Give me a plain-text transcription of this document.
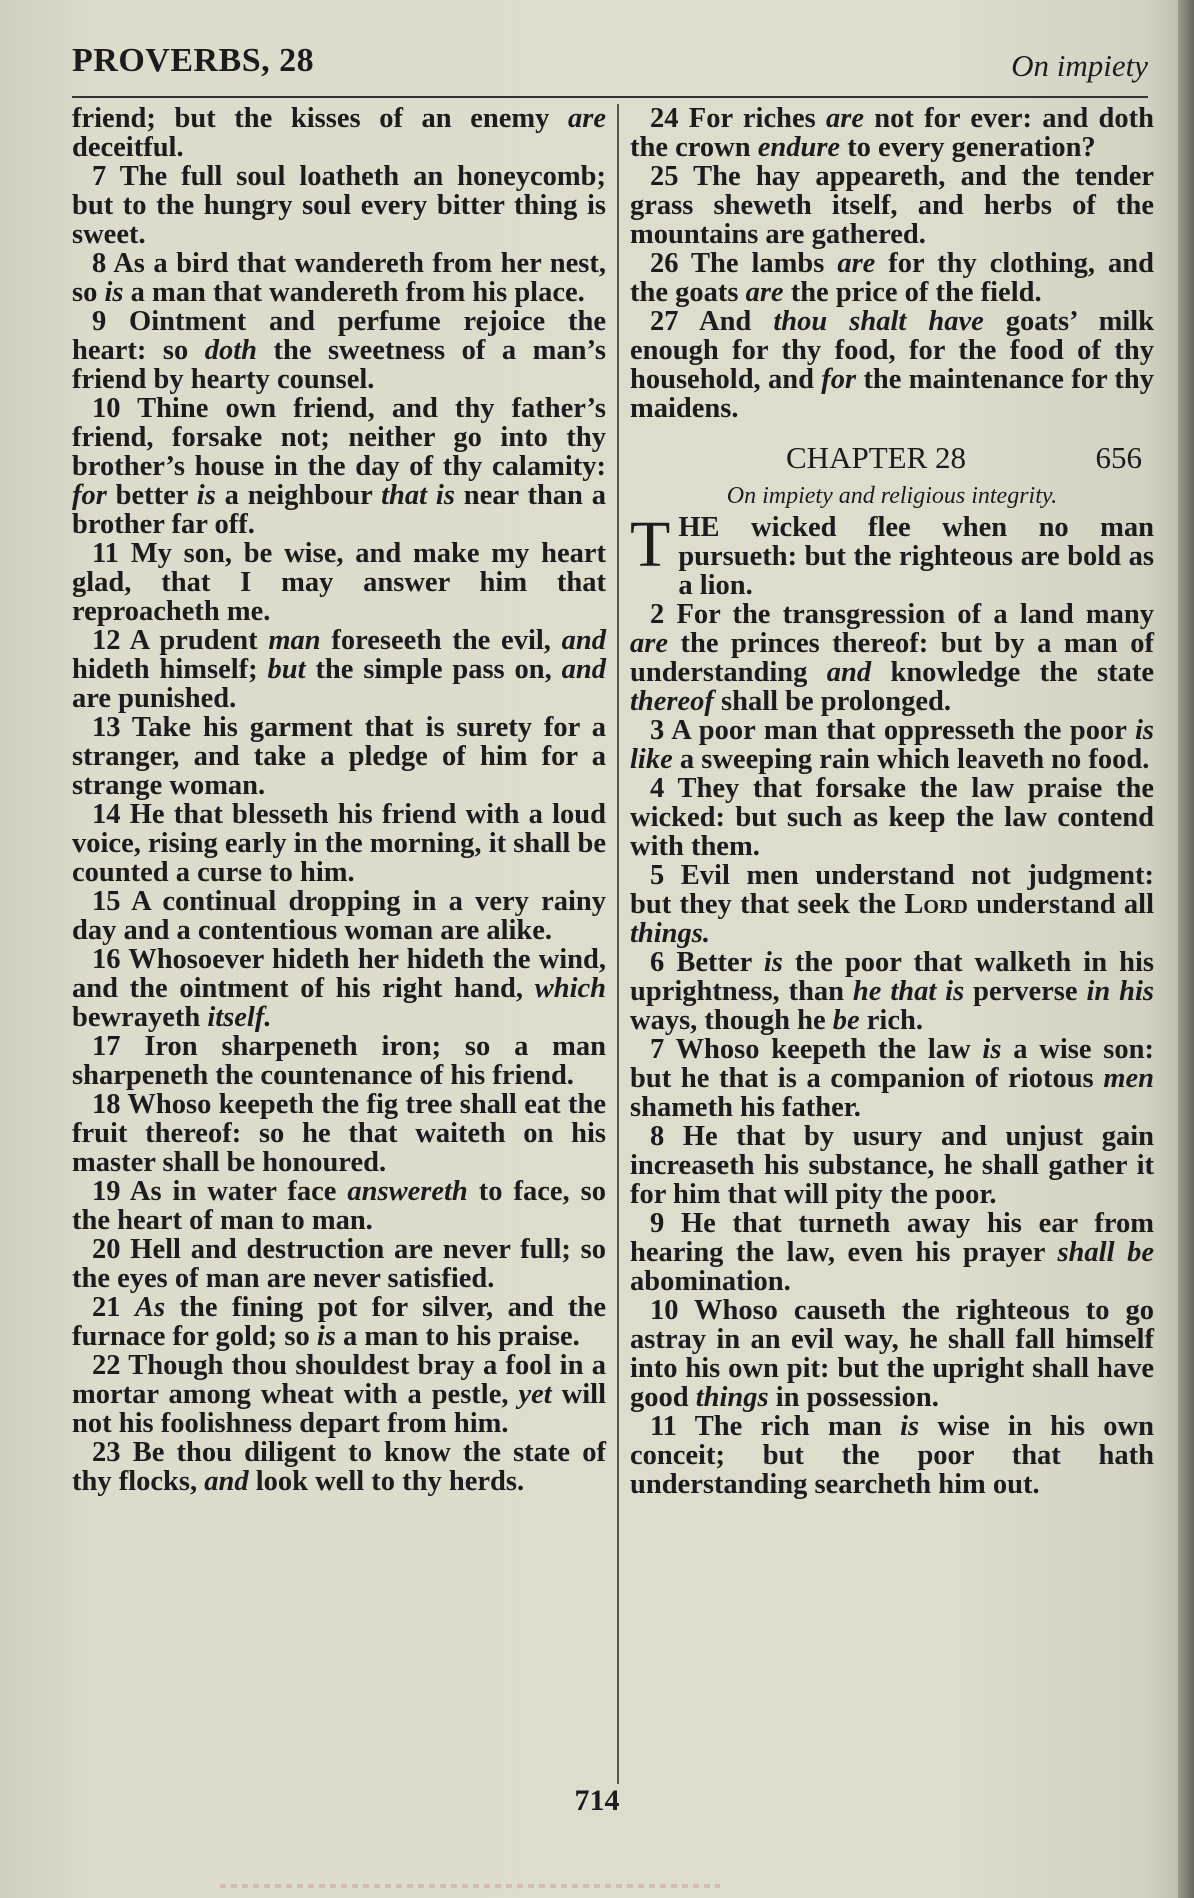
PROVERBS, 28	On impiety

friend; but the kisses of an enemy are deceitful.

7 The full soul loatheth an honeycomb; but to the hungry soul every bitter thing is sweet.

8 As a bird that wandereth from her nest, so is a man that wandereth from his place.

9 Ointment and perfume rejoice the heart: so doth the sweetness of a man’s friend by hearty counsel.

10 Thine own friend, and thy father’s friend, forsake not; neither go into thy brother’s house in the day of thy calamity: for better is a neighbour that is near than a brother far off.

11 My son, be wise, and make my heart glad, that I may answer him that reproacheth me.

12 A prudent man foreseeth the evil, and hideth himself; but the simple pass on, and are punished.

13 Take his garment that is surety for a stranger, and take a pledge of him for a strange woman.

14 He that blesseth his friend with a loud voice, rising early in the morning, it shall be counted a curse to him.

15 A continual dropping in a very rainy day and a contentious woman are alike.

16 Whosoever hideth her hideth the wind, and the ointment of his right hand, which bewrayeth itself.

17 Iron sharpeneth iron; so a man sharpeneth the countenance of his friend.

18 Whoso keepeth the fig tree shall eat the fruit thereof: so he that waiteth on his master shall be honoured.

19 As in water face answereth to face, so the heart of man to man.

20 Hell and destruction are never full; so the eyes of man are never satisfied.

21 As the fining pot for silver, and the furnace for gold; so is a man to his praise.

22 Though thou shouldest bray a fool in a mortar among wheat with a pestle, yet will not his foolishness depart from him.

23 Be thou diligent to know the state of thy flocks, and look well to thy herds.

24 For riches are not for ever: and doth the crown endure to every generation?

25 The hay appeareth, and the tender grass sheweth itself, and herbs of the mountains are gathered.

26 The lambs are for thy clothing, and the goats are the price of the field.

27 And thou shalt have goats’ milk enough for thy food, for the food of thy household, and for the maintenance for thy maidens.

CHAPTER 28	656

On impiety and religious integrity.

THE wicked flee when no man pursueth: but the righteous are bold as a lion.

2 For the transgression of a land many are the princes thereof: but by a man of understanding and knowledge the state thereof shall be prolonged.

3 A poor man that oppresseth the poor is like a sweeping rain which leaveth no food.

4 They that forsake the law praise the wicked: but such as keep the law contend with them.

5 Evil men understand not judgment: but they that seek the Lord understand all things.

6 Better is the poor that walketh in his uprightness, than he that is perverse in his ways, though he be rich.

7 Whoso keepeth the law is a wise son: but he that is a companion of riotous men shameth his father.

8 He that by usury and unjust gain increaseth his substance, he shall gather it for him that will pity the poor.

9 He that turneth away his ear from hearing the law, even his prayer shall be abomination.

10 Whoso causeth the righteous to go astray in an evil way, he shall fall himself into his own pit: but the upright shall have good things in possession.

11 The rich man is wise in his own conceit; but the poor that hath understanding searcheth him out.

714
